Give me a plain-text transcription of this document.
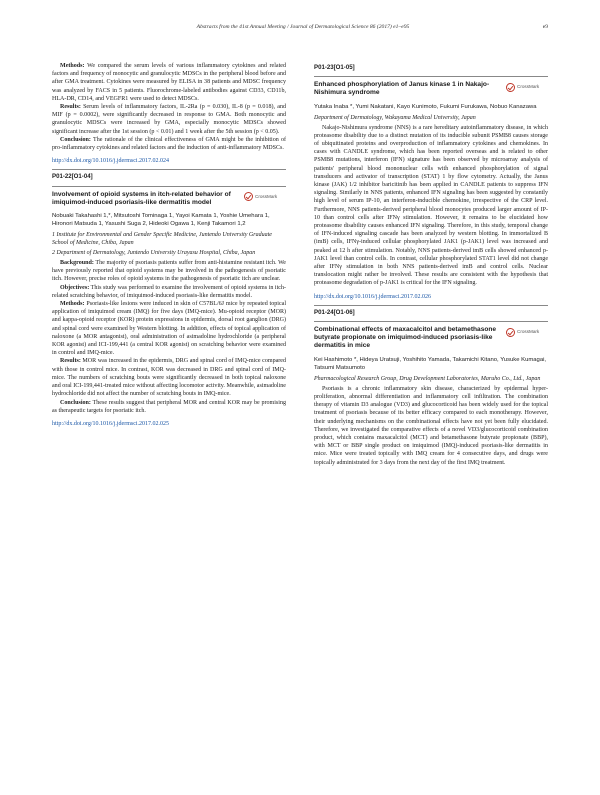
Abstracts from the 41st Annual Meeting / Journal of Dermatological Science 86 (2017) e1–e95	e9

Methods: We compared the serum levels of various inflammatory cytokines and related factors and frequency of monocytic and granulocytic MDSCs in the peripheral blood before and after GMA treatment. Cytokines were measured by ELISA in 38 patients and MDSC frequency was analyzed by FACS in 5 patients. Fluorochrome-labeled antibodies against CD33, CD11b, HLA-DR, CD14, and VEGFR1 were used to detect MDSCs.

Results: Serum levels of inflammatory factors, IL-2Ra (p = 0.030), IL-8 (p = 0.018), and MIF (p = 0.0002), were significantly decreased in response to GMA. Both monocytic and granulocytic MDSCs were increased by GMA, especially monocytic MDSCs showed significant increase after the 1st session (p < 0.01) and 1 week after the 5th session (p < 0.05).

Conclusion: The rationale of the clinical effectiveness of GMA might be the inhibition of pro-inflammatory cytokines and related factors and the induction of anti-inflammatory MDSCs.

http://dx.doi.org/10.1016/j.jdermsci.2017.02.024
P01-22[O1-04]
Involvement of opioid systems in itch-related behavior of imiquimod-induced psoriasis-like dermatitis model
CrossMark
Nobuaki Takahashi 1,*, Mitsutoshi Tominaga 1, Yayoi Kamata 1, Yoshie Umehara 1, Hironori Matsuda 1, Yasushi Suga 2, Hideoki Ogawa 1, Kenji Takamori 1,2
1 Institute for Environmental and Gender Specific Medicine, Juntendo University Graduate School of Medicine, Chiba, Japan
2 Department of Dermatology, Juntendo University Urayasu Hospital, Chiba, Japan

Background: The majority of psoriasis patients suffer from anti-histamine resistant itch. We have previously reported that opioid systems may be involved in the pathogenesis of psoriatic itch. However, precise roles of opioid systems in the pathogenesis of psoriatic itch are unclear.

Objectives: This study was performed to examine the involvement of opioid systems in itch-related scratching behavior, of imiquimod-induced psoriasis-like dermatitis model.

Methods: Psoriasis-like lesions were induced in skin of C57BL/6J mice by repeated topical application of imiquimod cream (IMQ) for five days (IMQ-mice). Mu-opioid receptor (MOR) and kappa-opioid receptor (KOR) protein expressions in epidermis, dorsal root ganglion (DRG) and spinal cord were examined by Western blotting. In addition, effects of topical application of naloxone (a MOR antagonist), oral administration of asimadoline hydrochloride (a peripheral KOR agonist) and ICI-199,441 (a central KOR agonist) on scratching behavior were examined in control and IMQ-mice.

Results: MOR was increased in the epidermis, DRG and spinal cord of IMQ-mice compared with those in control mice. In contrast, KOR was decreased in DRG and spinal cord of IMQ-mice. The numbers of scratching bouts were significantly decreased in both topical naloxone and oral ICI-199,441-treated mice without affecting locomotor activity. Meanwhile, asimadoline hydrochloride did not affect the number of scratching bouts in IMQ-mice.

Conclusion: These results suggest that peripheral MOR and central KOR may be promising as therapeutic targets for psoriatic itch.

http://dx.doi.org/10.1016/j.jdermsci.2017.02.025
P01-23[O1-05]
Enhanced phosphorylation of Janus kinase 1 in Nakajo-Nishimura syndrome
CrossMark
Yutaka Inaba *, Yumi Nakatani, Kayo Kunimoto, Fukumi Furukawa, Nobuo Kanazawa
Department of Dermatology, Wakayama Medical University, Japan

Nakajo-Nishimura syndrome (NNS) is a rare hereditary autoinflammatory disease, in which proteasome disability due to a distinct mutation of its inducible subunit PSMB8 causes storage of ubiquitinated proteins and overproduction of inflammatory cytokines and chemokines. In cases with CANDLE syndrome, which has been reported overseas and is related to other PSMB8 mutations, interferon (IFN) signature has been observed by microarray analysis of patients' peripheral blood mononuclear cells with enhanced phosphorylation of signal transducers and activator of transcription (STAT) 1 by flow cytometry. Actually, the Janus kinase (JAK) 1/2 inhibitor baricitinib has been applied in CANDLE patients to suppress IFN signaling. Similarly in NNS patients, enhanced IFN signaling has been suggested by constantly high level of serum IP-10, an interferon-inducible chemokine, irrespective of the CRP level. Furthermore, NNS patients-derived peripheral blood monocytes produced larger amount of IP-10 than control cells after IFNγ stimulation. However, it remains to be elucidated how proteasome disability causes enhanced IFN signaling. Therefore, in this study, temporal change of IFN-induced signaling cascade has been analyzed by western blotting. In immortalized B (imB) cells, IFNγ-induced cellular phosphorylated JAK1 (p-JAK1) level was increased and peaked at 12 h after stimulation. Notably, NNS patients-derived imB cells showed enhanced p-JAK1 level than control cells. In contrast, cellular phosphorylated STAT1 level did not change after IFNγ stimulation in both NNS patients-derived imB and control cells. Nuclear translocation might rather be involved. These results are consistent with the hypothesis that proteasome degradation of p-JAK1 is critical for the IFN signaling.

http://dx.doi.org/10.1016/j.jdermsci.2017.02.026
P01-24[O1-06]
Combinational effects of maxacalcitol and betamethasone butyrate propionate on imiquimod-induced psoriasis-like dermatitis in mice
CrossMark
Kei Hashimoto *, Hideya Uratsuji, Yoshihito Yamada, Takamichi Kitano, Yusuke Kumagai, Tatsumi Matsumoto
Pharmacological Research Group, Drug Development Laboratories, Maruho Co., Ltd., Japan

Psoriasis is a chronic inflammatory skin disease, characterized by epidermal hyper-proliferation, abnormal differentiation and inflammatory cell infiltration. The combination therapy of vitamin D3 analogue (VD3) and glucocorticoid has been widely used for the topical treatment of psoriasis because of its better efficacy compared to each monotherapy. However, their underlying mechanisms on the combinational effects have not yet been fully elucidated. Therefore, we investigated the comparative effects of a novel VD3/glucocorticoid combination product, which contains maxacalcitol (MCT) and betamethasone butyrate propionate (BBP), with MCT or BBP single product on imiquimod (IMQ)-induced psoriasis-like dermatitis in mice. Mice were treated topically with IMQ cream for 4 consecutive days, and drugs were topically administrated for 3 days from the next day of the first IMQ treatment.
